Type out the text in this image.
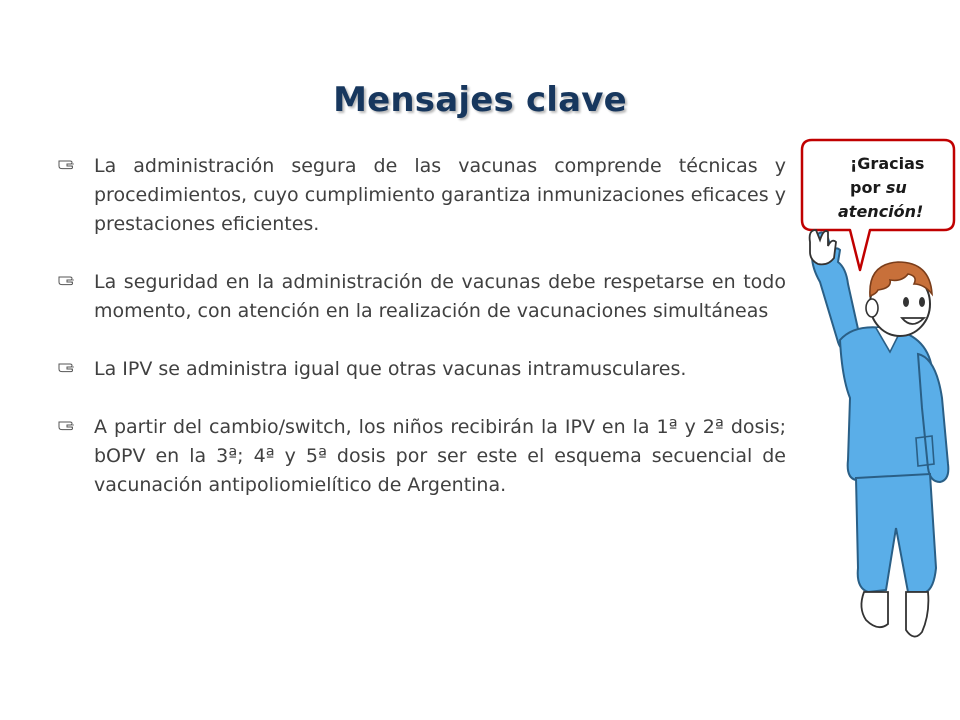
Mensajes clave
La administración segura de las vacunas comprende técnicas y procedimientos, cuyo cumplimiento garantiza inmunizaciones eficaces y prestaciones eficientes.
La seguridad en la administración de vacunas debe respetarse en todo momento, con atención en la realización de vacunaciones simultáneas
La IPV se administra igual que otras vacunas intramusculares.
A partir del cambio/switch, los niños recibirán la IPV en la 1ª y 2ª dosis; bOPV en la 3ª; 4ª y 5ª dosis por ser este el esquema secuencial de vacunación antipoliomielítico de Argentina.
¡Gracias
por su
atención!
